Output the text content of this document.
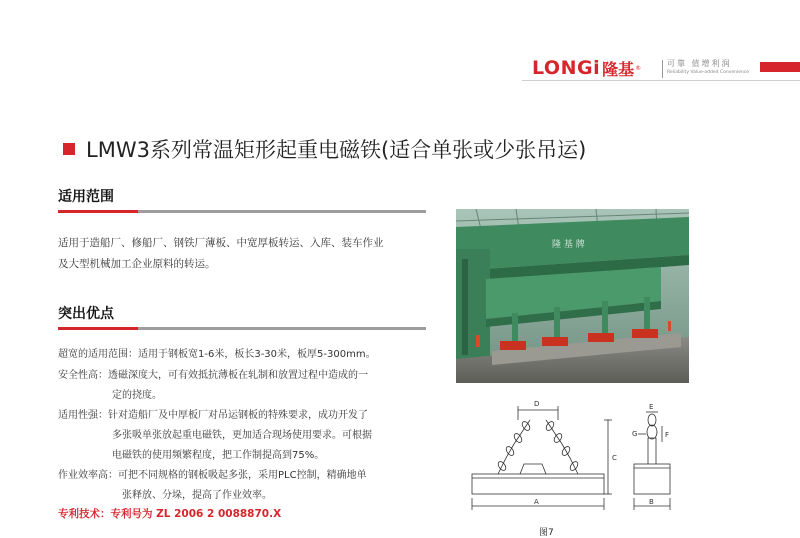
LONGi 隆基 ®	可靠 值增利润
Reliability Value-added Convenience
LMW3系列常温矩形起重电磁铁(适合单张或少张吊运)
适用范围
适用于造船厂、修船厂、钢铁厂薄板、中宽厚板转运、入库、装车作业
及大型机械加工企业原料的转运。
突出优点
超宽的适用范围：适用于钢板宽1-6米，板长3-30米，板厚5-300mm。
安全性高：透磁深度大，可有效抵抗薄板在轧制和放置过程中造成的一
定的挠度。
适用性强：针对造船厂及中厚板厂对吊运钢板的特殊要求，成功开发了
多张吸单张放起重电磁铁，更加适合现场使用要求。可根据
电磁铁的使用频繁程度，把工作制提高到75%。
作业效率高：可把不同规格的钢板吸起多张，采用PLC控制，精确地单
张释放、分垛，提高了作业效率。
专利技术：专利号为 ZL 2006 2 0088870.X
隆 基 牌
D
C
A
E
F
G
B
图7
